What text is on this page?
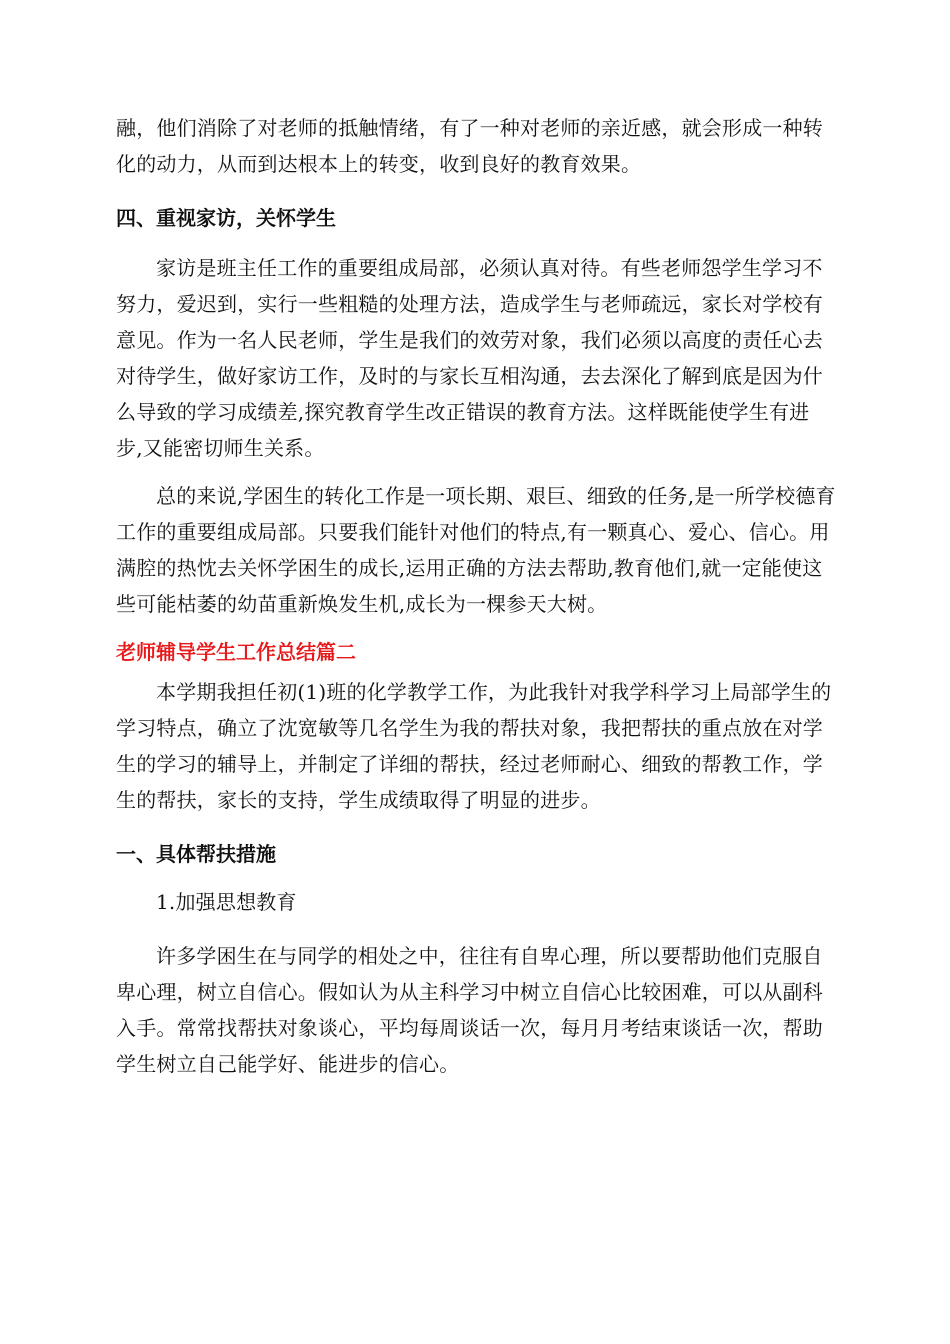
融，他们消除了对老师的抵触情绪，有了一种对老师的亲近感，就会形成一种转化的动力，从而到达根本上的转变，收到良好的教育效果。

四、重视家访，关怀学生

家访是班主任工作的重要组成局部，必须认真对待。有些老师怨学生学习不努力，爱迟到，实行一些粗糙的处理方法，造成学生与老师疏远，家长对学校有意见。作为一名人民老师，学生是我们的效劳对象，我们必须以高度的责任心去对待学生，做好家访工作，及时的与家长互相沟通，去去深化了解到底是因为什么导致的学习成绩差,探究教育学生改正错误的教育方法。这样既能使学生有进步,又能密切师生关系。

总的来说,学困生的转化工作是一项长期、艰巨、细致的任务,是一所学校德育工作的重要组成局部。只要我们能针对他们的特点,有一颗真心、爱心、信心。用满腔的热忱去关怀学困生的成长,运用正确的方法去帮助,教育他们,就一定能使这些可能枯萎的幼苗重新焕发生机,成长为一棵参天大树。

老师辅导学生工作总结篇二

本学期我担任初(1)班的化学教学工作，为此我针对我学科学习上局部学生的学习特点，确立了沈宽敏等几名学生为我的帮扶对象，我把帮扶的重点放在对学生的学习的辅导上，并制定了详细的帮扶，经过老师耐心、细致的帮教工作，学生的帮扶，家长的支持，学生成绩取得了明显的进步。

一、具体帮扶措施

1.加强思想教育

许多学困生在与同学的相处之中，往往有自卑心理，所以要帮助他们克服自卑心理，树立自信心。假如认为从主科学习中树立自信心比较困难，可以从副科入手。常常找帮扶对象谈心，平均每周谈话一次，每月月考结束谈话一次，帮助学生树立自己能学好、能进步的信心。
